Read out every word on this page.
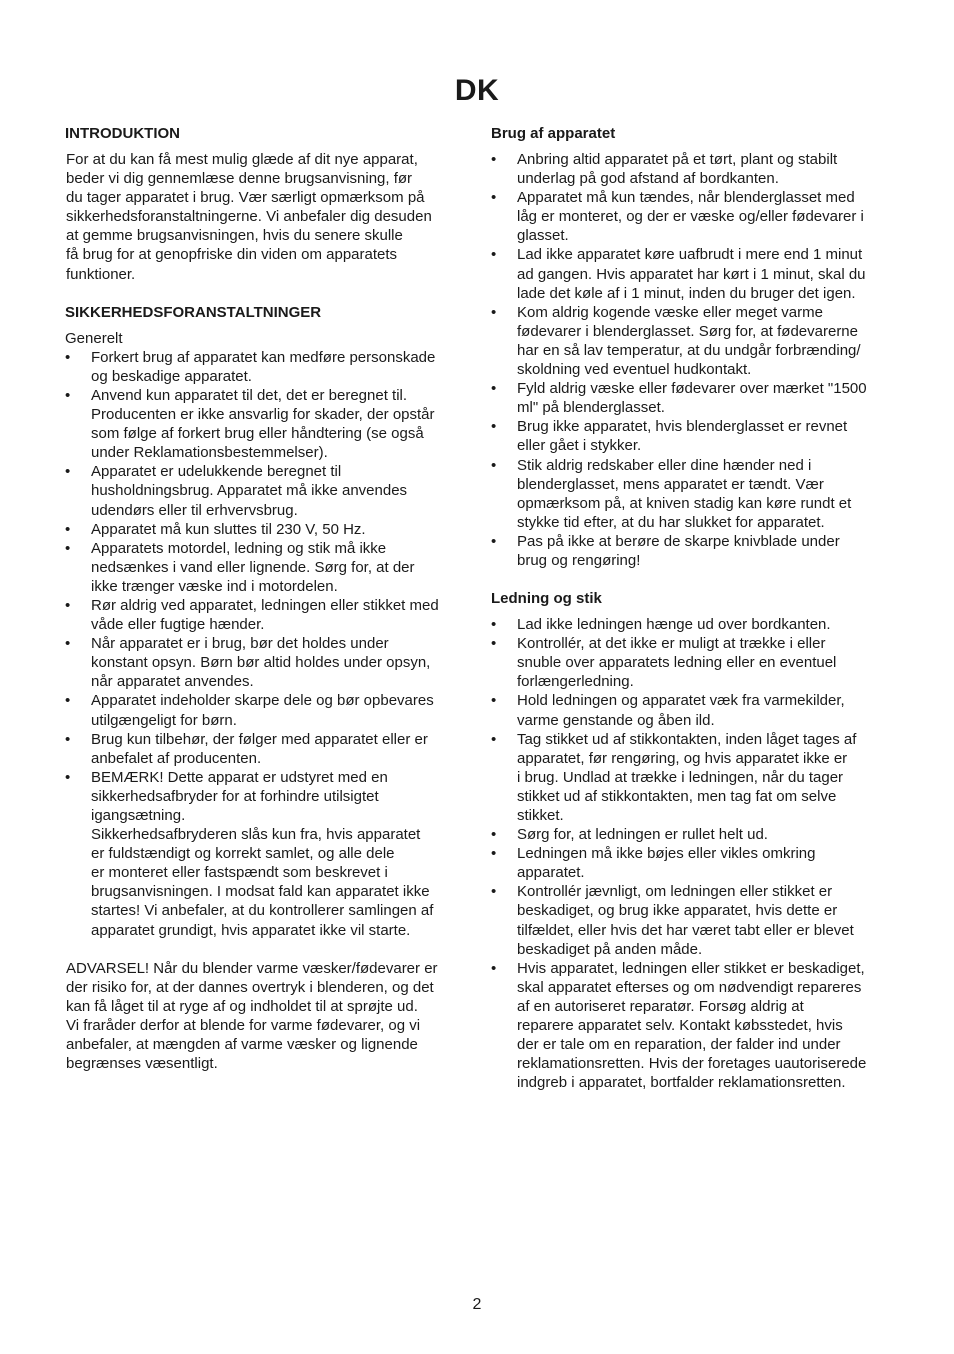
DK
INTRODUKTION

For at du kan få mest mulig glæde af dit nye apparat,
beder vi dig gennemlæse denne brugsanvisning, før
du tager apparatet i brug. Vær særligt opmærksom på
sikkerhedsforanstaltningerne. Vi anbefaler dig desuden
at gemme brugsanvisningen, hvis du senere skulle
få brug for at genopfriske din viden om apparatets
funktioner.

SIKKERHEDSFORANSTALTNINGER

Generelt

• Forkert brug af apparatet kan medføre personskade
og beskadige apparatet.
• Anvend kun apparatet til det, det er beregnet til.
Producenten er ikke ansvarlig for skader, der opstår
som følge af forkert brug eller håndtering (se også
under Reklamationsbestemmelser).
• Apparatet er udelukkende beregnet til
husholdningsbrug. Apparatet må ikke anvendes
udendørs eller til erhvervsbrug.
• Apparatet må kun sluttes til 230 V, 50 Hz.
• Apparatets motordel, ledning og stik må ikke
nedsænkes i vand eller lignende. Sørg for, at der
ikke trænger væske ind i motordelen.
• Rør aldrig ved apparatet, ledningen eller stikket med
våde eller fugtige hænder.
• Når apparatet er i brug, bør det holdes under
konstant opsyn. Børn bør altid holdes under opsyn,
når apparatet anvendes.
• Apparatet indeholder skarpe dele og bør opbevares
utilgængeligt for børn.
• Brug kun tilbehør, der følger med apparatet eller er
anbefalet af producenten.
• BEMÆRK! Dette apparat er udstyret med en
sikkerhedsafbryder for at forhindre utilsigtet
igangsætning.
Sikkerhedsafbryderen slås kun fra, hvis apparatet
er fuldstændigt og korrekt samlet, og alle dele
er monteret eller fastspændt som beskrevet i
brugsanvisningen. I modsat fald kan apparatet ikke
startes! Vi anbefaler, at du kontrollerer samlingen af
apparatet grundigt, hvis apparatet ikke vil starte.

ADVARSEL! Når du blender varme væsker/fødevarer er
der risiko for, at der dannes overtryk i blenderen, og det
kan få låget til at ryge af og indholdet til at sprøjte ud.
Vi fraråder derfor at blende for varme fødevarer, og vi
anbefaler, at mængden af varme væsker og lignende
begrænses væsentligt.

Brug af apparatet
• Anbring altid apparatet på et tørt, plant og stabilt
underlag på god afstand af bordkanten.
• Apparatet må kun tændes, når blenderglasset med
låg er monteret, og der er væske og/eller fødevarer i
glasset.
• Lad ikke apparatet køre uafbrudt i mere end 1 minut
ad gangen. Hvis apparatet har kørt i 1 minut, skal du
lade det køle af i 1 minut, inden du bruger det igen.
• Kom aldrig kogende væske eller meget varme
fødevarer i blenderglasset. Sørg for, at fødevarerne
har en så lav temperatur, at du undgår forbrænding/
skoldning ved eventuel hudkontakt.
• Fyld aldrig væske eller fødevarer over mærket "1500
ml" på blenderglasset.
• Brug ikke apparatet, hvis blenderglasset er revnet
eller gået i stykker.
• Stik aldrig redskaber eller dine hænder ned i
blenderglasset, mens apparatet er tændt. Vær
opmærksom på, at kniven stadig kan køre rundt et
stykke tid efter, at du har slukket for apparatet.
• Pas på ikke at berøre de skarpe knivblade under
brug og rengøring!
Ledning og stik
• Lad ikke ledningen hænge ud over bordkanten.
• Kontrollér, at det ikke er muligt at trække i eller
snuble over apparatets ledning eller en eventuel
forlængerledning.
• Hold ledningen og apparatet væk fra varmekilder,
varme genstande og åben ild.
• Tag stikket ud af stikkontakten, inden låget tages af
apparatet, før rengøring, og hvis apparatet ikke er
i brug. Undlad at trække i ledningen, når du tager
stikket ud af stikkontakten, men tag fat om selve
stikket.
• Sørg for, at ledningen er rullet helt ud.
• Ledningen må ikke bøjes eller vikles omkring
apparatet.
• Kontrollér jævnligt, om ledningen eller stikket er
beskadiget, og brug ikke apparatet, hvis dette er
tilfældet, eller hvis det har været tabt eller er blevet
beskadiget på anden måde.
• Hvis apparatet, ledningen eller stikket er beskadiget,
skal apparatet efterses og om nødvendigt repareres
af en autoriseret reparatør. Forsøg aldrig at
reparere apparatet selv. Kontakt købsstedet, hvis
der er tale om en reparation, der falder ind under
reklamationsretten. Hvis der foretages uautoriserede
indgreb i apparatet, bortfalder reklamationsretten.
2
